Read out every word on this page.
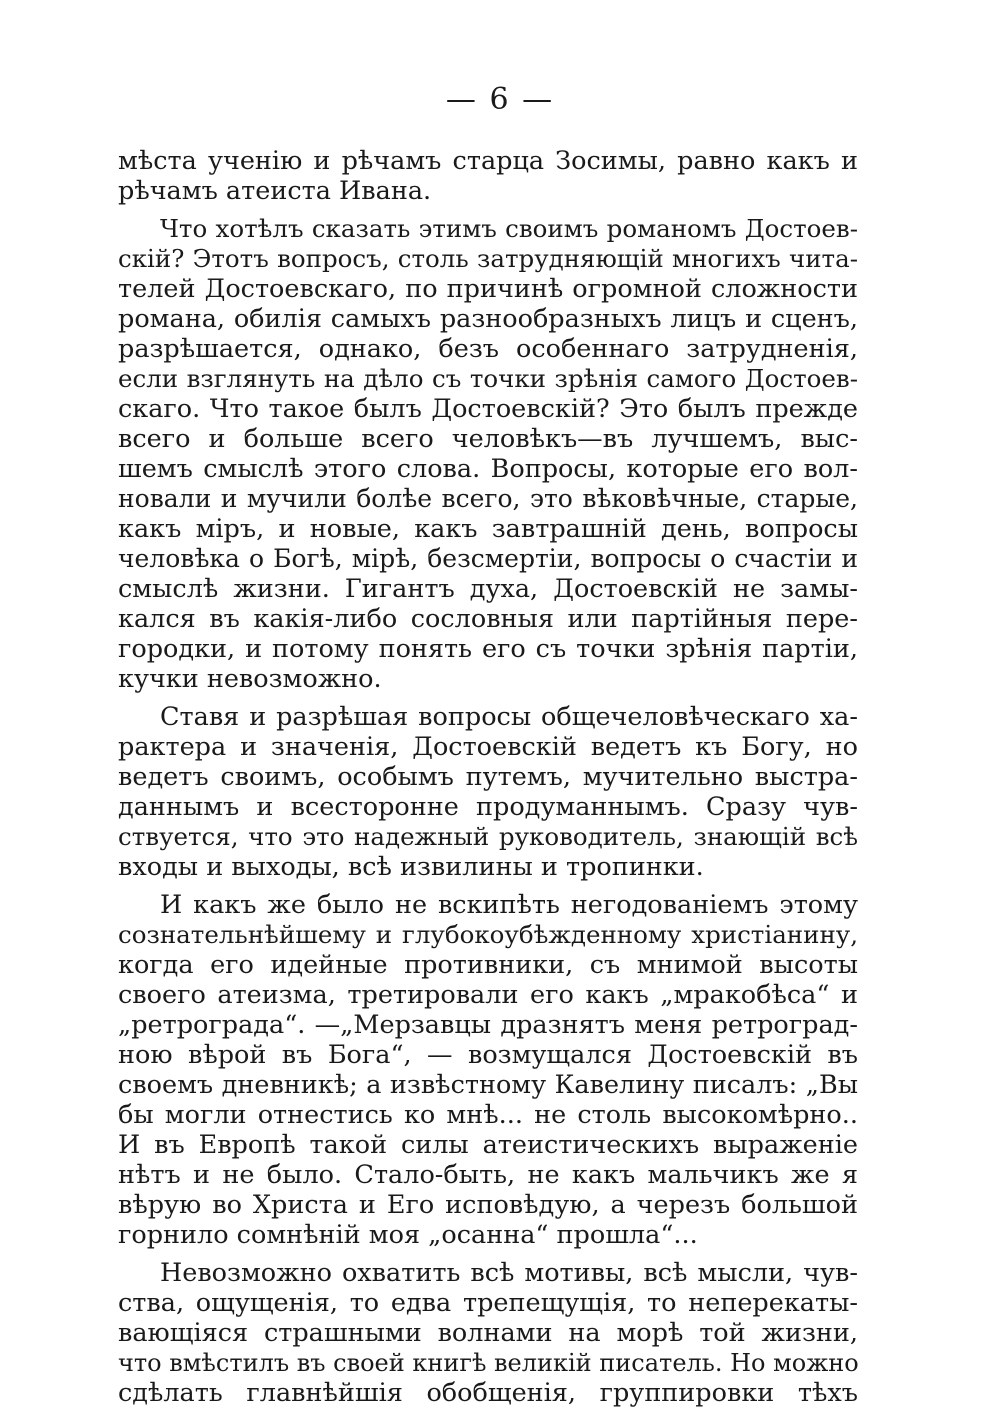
— 6 —
мѣста ученію и рѣчамъ старца Зосимы, равно какъ и
рѣчамъ атеиста Ивана.
Что хотѣлъ сказать этимъ своимъ романомъ Достоев-
скій? Этотъ вопросъ, столь затрудняющій многихъ чита-
телей Достоевскаго, по причинѣ огромной сложности
романа, обилія самыхъ разнообразныхъ лицъ и сценъ,
разрѣшается, однако, безъ особеннаго затрудненія,
если взглянуть на дѣло съ точки зрѣнія самого Достоев-
скаго. Что такое былъ Достоевскій? Это былъ прежде
всего и больше всего человѣкъ—въ лучшемъ, выс-
шемъ смыслѣ этого слова. Вопросы, которые его вол-
новали и мучили болѣе всего, это вѣковѣчные, старые,
какъ міръ, и новые, какъ завтрашній день, вопросы
человѣка о Богѣ, мірѣ, безсмертіи, вопросы о счастіи и
смыслѣ жизни. Гигантъ духа, Достоевскій не замы-
кался въ какія-либо сословныя или партійныя пере-
городки, и потому понять его съ точки зрѣнія партіи,
кучки невозможно.
Ставя и разрѣшая вопросы общечеловѣческаго ха-
рактера и значенія, Достоевскій ведетъ къ Богу, но
ведетъ своимъ, особымъ путемъ, мучительно выстра-
даннымъ и всесторонне продуманнымъ. Сразу чув-
ствуется, что это надежный руководитель, знающій всѣ
входы и выходы, всѣ извилины и тропинки.
И какъ же было не вскипѣть негодованіемъ этому
сознательнѣйшему и глубокоубѣжденному христіанину,
когда его идейные противники, съ мнимой высоты
своего атеизма, третировали его какъ „мракобѣса“ и
„ретроградa“. —„Мерзавцы дразнятъ меня ретроград-
ною вѣрой въ Бога“, — возмущался Достоевскій въ
своемъ дневникѣ; а извѣстному Кавелину писалъ: „Вы
бы могли отнестись ко мнѣ... не столь высокомѣрно..
И въ Европѣ такой силы атеистическихъ выраженіе
нѣтъ и не было. Стало-быть, не какъ мальчикъ же я
вѣрую во Христа и Его исповѣдую, а черезъ большой
горнило сомнѣній моя „осанна“ прошла“...
Невозможно охватить всѣ мотивы, всѣ мысли, чув-
ства, ощущенія, то едва трепещущія, то неперекаты-
вающіяся страшными волнами на морѣ той жизни,
что вмѣстилъ въ своей книгѣ великій писатель. Но можно
сдѣлать главнѣйшія обобщенія, группировки тѣхъ
